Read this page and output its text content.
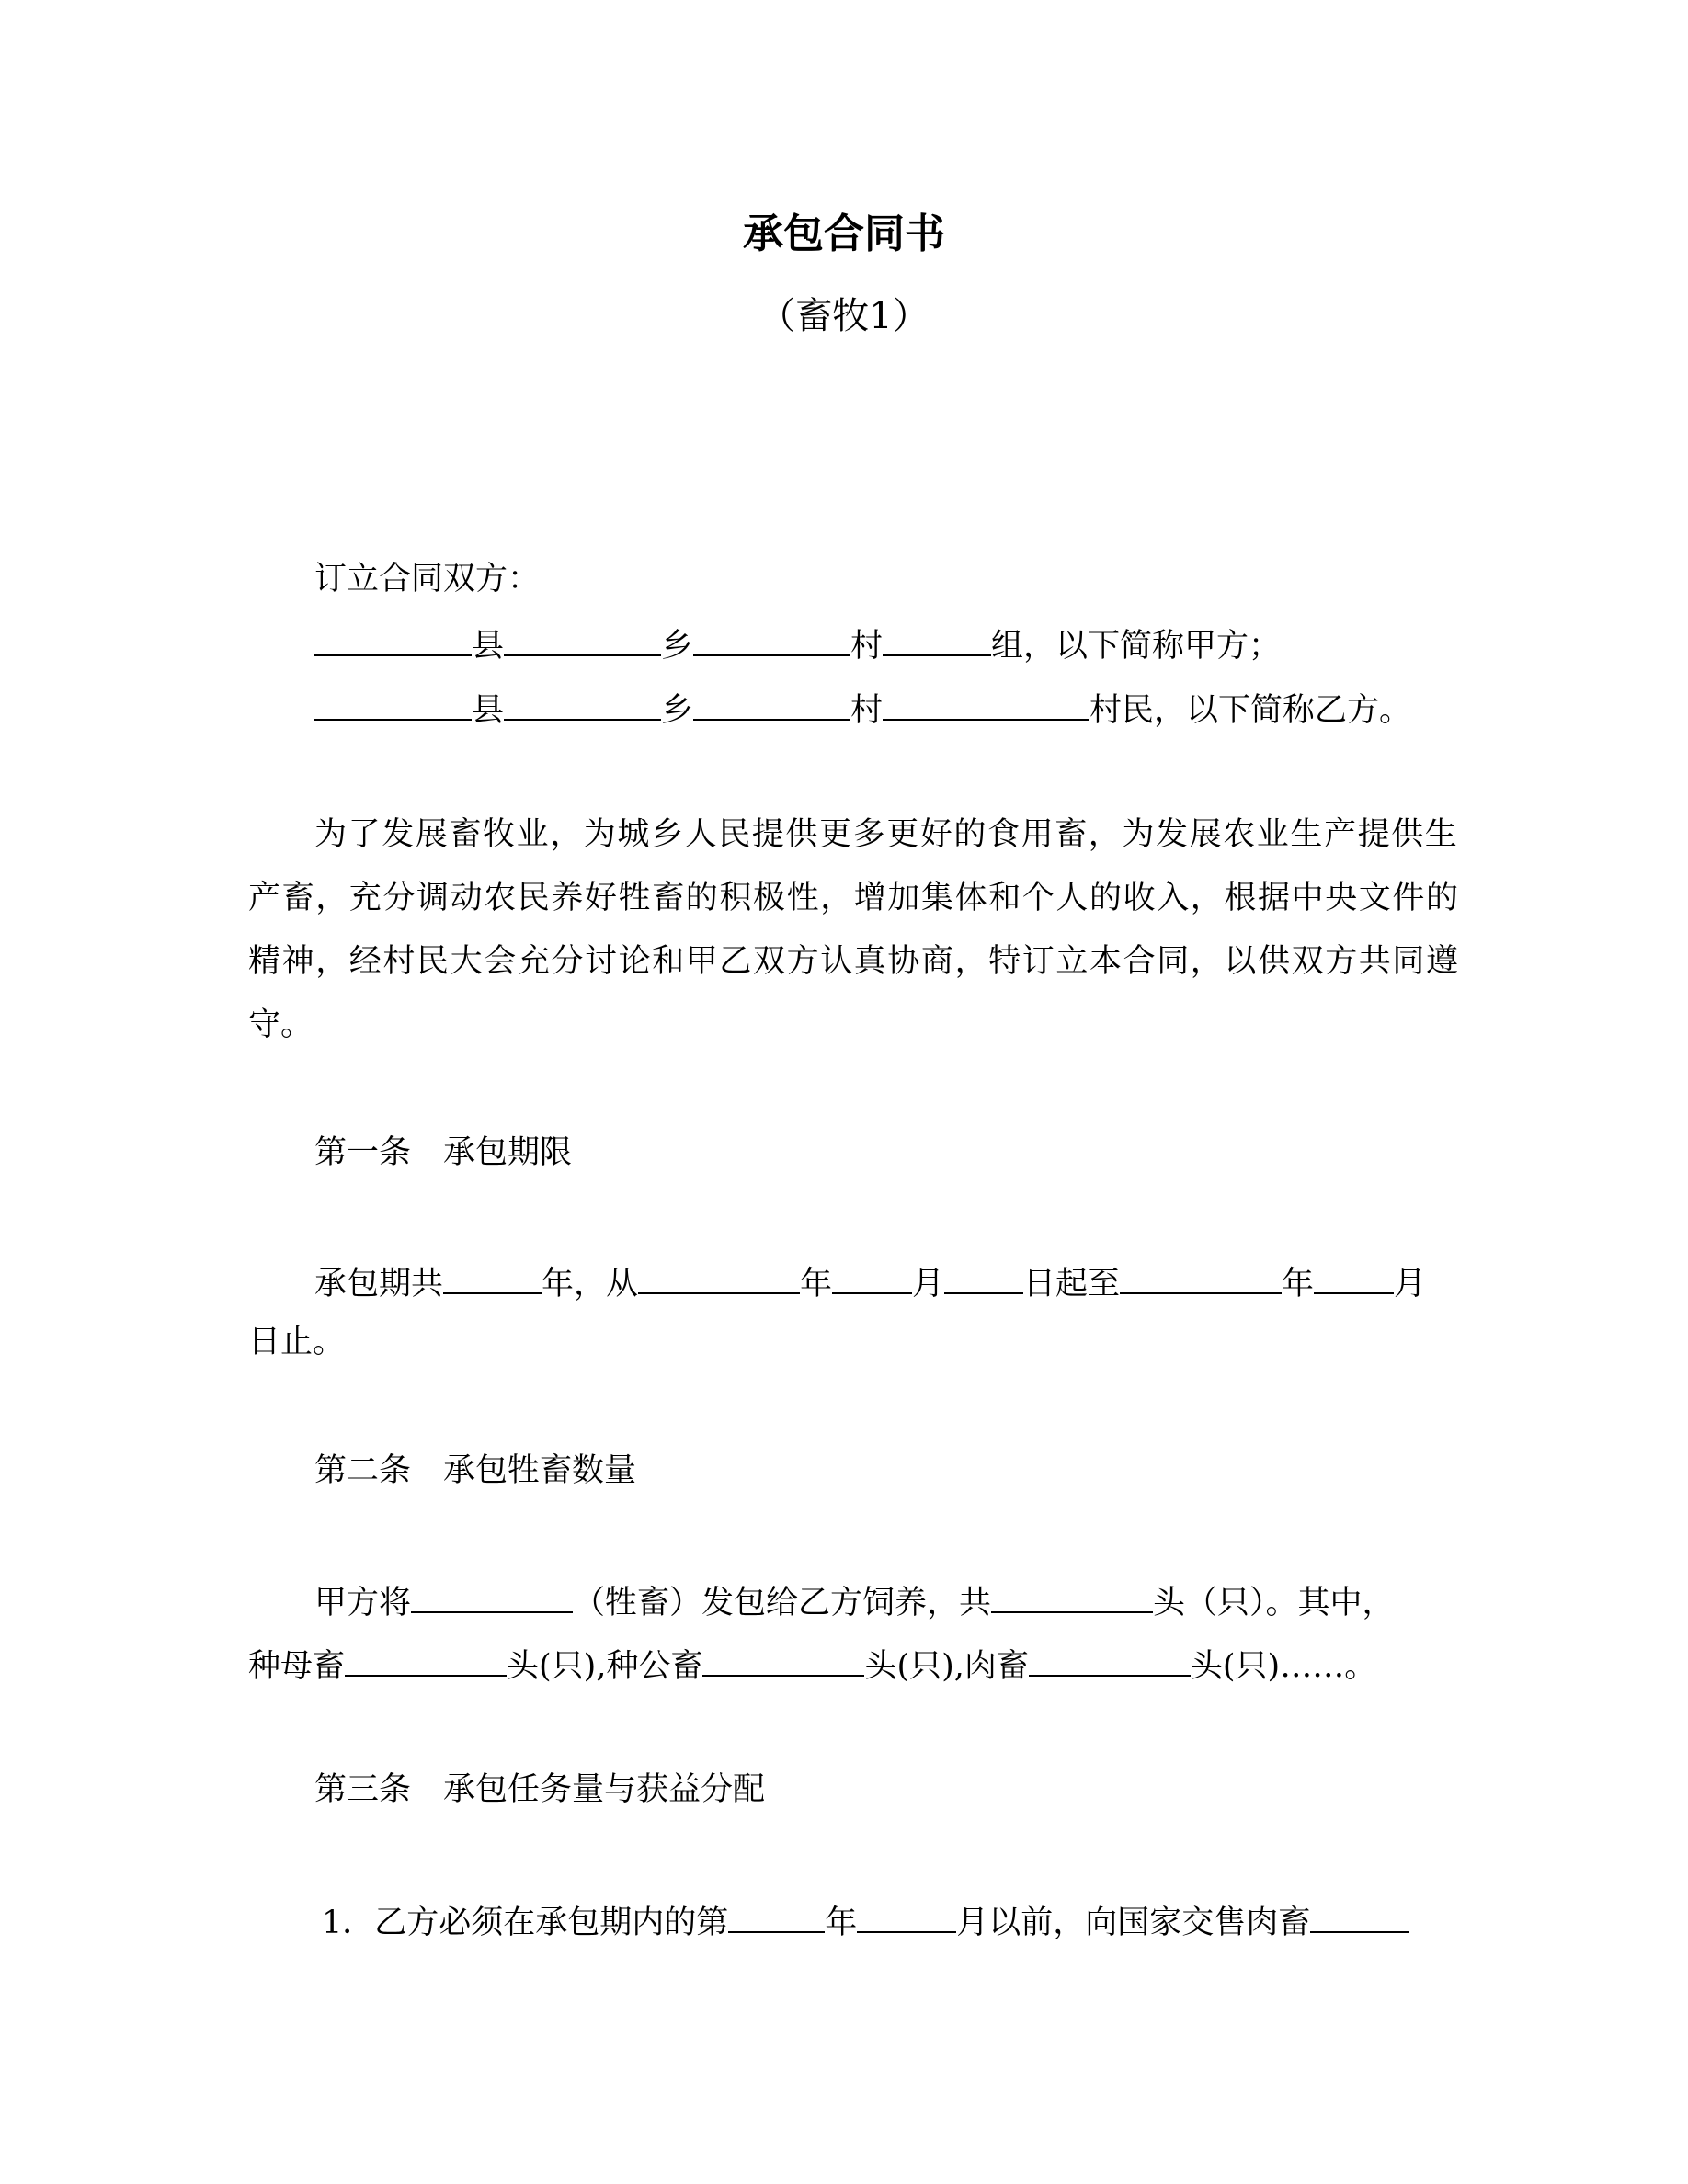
承包合同书
（畜牧1）
订立合同双方：
县	乡	村	组，以下简称甲方；
县	乡	村	村民，以下简称乙方。
为了发展畜牧业，为城乡人民提供更多更好的食用畜，为发展农业生产提供生
产畜，充分调动农民养好牲畜的积极性，增加集体和个人的收入，根据中央文件的
精神，经村民大会充分讨论和甲乙双方认真协商，特订立本合同，以供双方共同遵
守。
第一条　承包期限
承包期共	年，从	年 月 日起至	年 月
日止。
第二条　承包牲畜数量
甲方将	（牲畜）发包给乙方饲养，共	头（只）。其中，
种母畜	头(只),种公畜	头(只),肉畜	头(只)……。
第三条　承包任务量与获益分配
1．乙方必须在承包期内的第	年	月以前，向国家交售肉畜
